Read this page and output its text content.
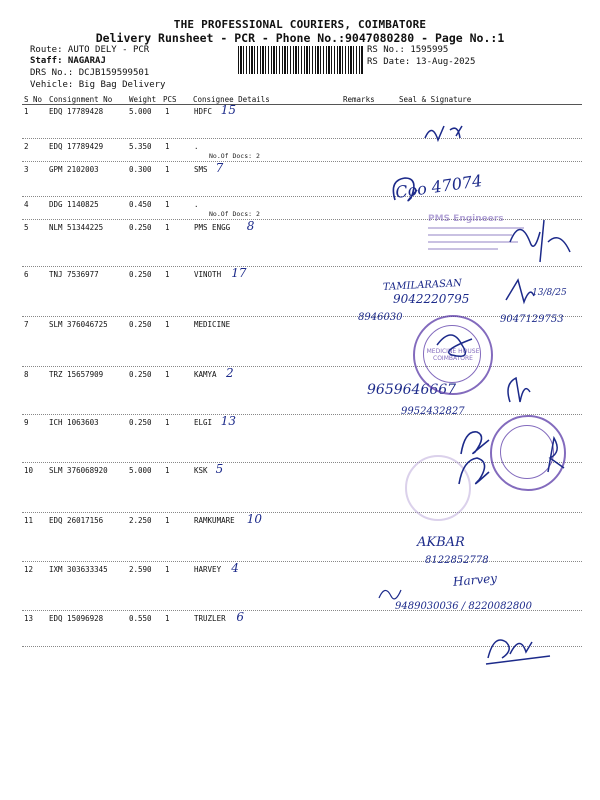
THE PROFESSIONAL COURIERS, COIMBATORE
Delivery Runsheet - PCR - Phone No.:9047080280 - Page No.:1
Route: AUTO DELY - PCR
Staff: NAGARAJ
DRS No.: DCJB159599501
Vehicle: Big Bag Delivery
RS No.: 1595995
RS Date: 13-Aug-2025
S No Consignment No Weight PCS Consignee Details	Remarks	Seal & Signature
1	EDQ 17789428	5.000 1	HDFC 15
2	EDQ 17789429	5.350 1	.
No.Of Docs: 2
3	GPM 2102003	0.300 1	SMS 7
4	DDG 1140825	0.450 1	.
No.Of Docs: 2
5	NLM 51344225	0.250 1	PMS ENGG 8
6	TNJ 7536977	0.250 1	VINOTH 17
7	SLM 376046725	0.250 1	MEDICINE
8	TRZ 15657909	0.250 1	KAMYA 2
9	ICH 1063603	0.250 1	ELGI 13
10 SLM 376068920	5.000 1	KSK 5
11 EDQ 26017156	2.250 1	RAMKUMARE 10
12 IXM 303633345	2.590 1	HARVEY 4
13 EDQ 15096928	0.550 1	TRUZLER 6
Coo 47074
TAMILARASAN
9042220795	13/8/25
8946030	9047129753
9659646667
9952432827
AKBAR
8122852778
Harvey
9489030036 / 8220082800
MEDICINE HOUSE COIMBATORE
PMS Engineers
